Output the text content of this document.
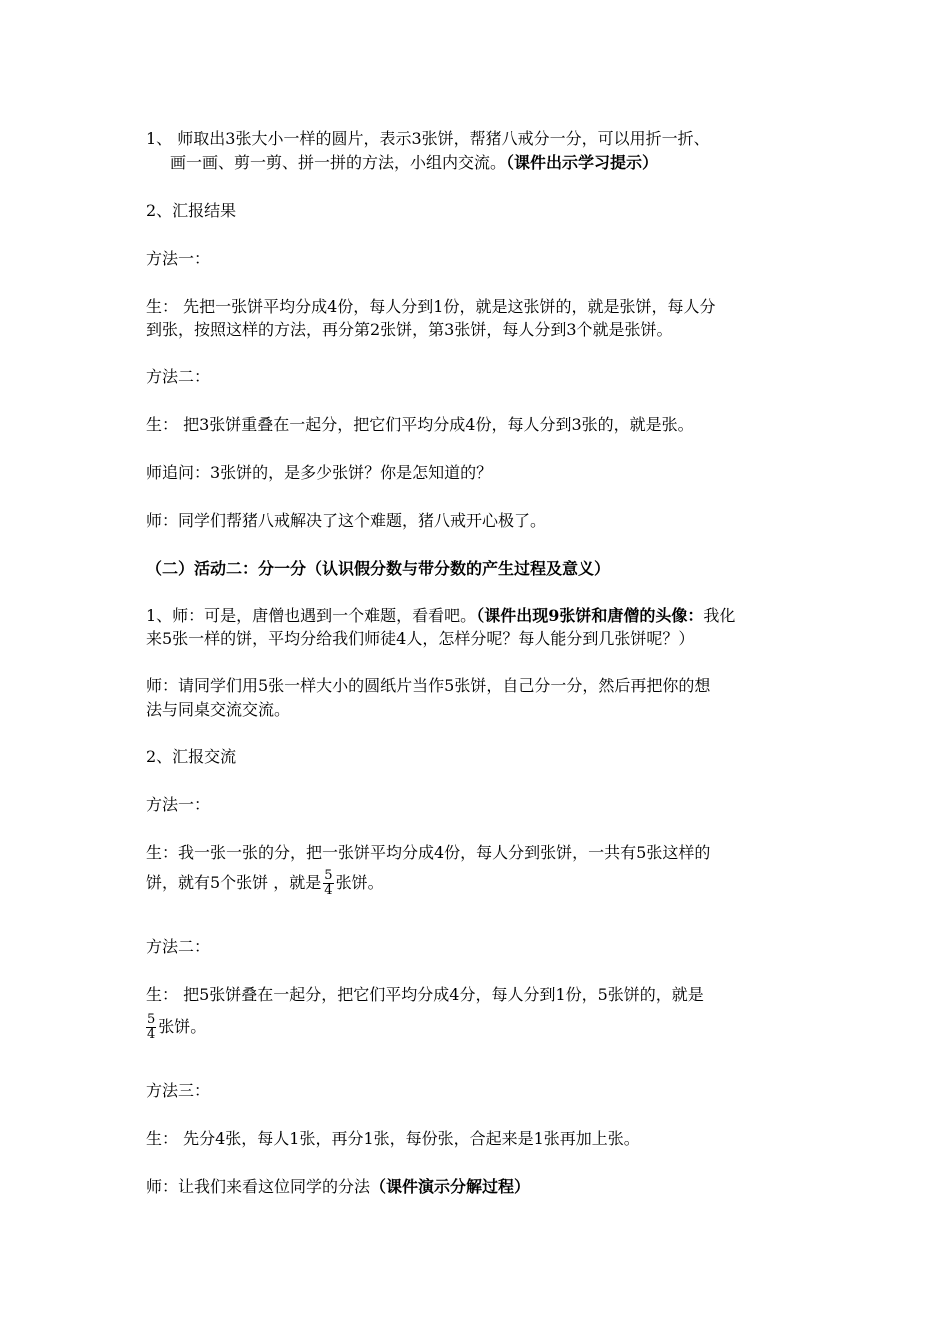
1、 师取出3张大小一样的圆片，表示3张饼，帮猪八戒分一分，可以用折一折、
画一画、剪一剪、拼一拼的方法，小组内交流。（课件出示学习提示）
2、汇报结果
方法一：
生： 先把一张饼平均分成4份，每人分到1份，就是这张饼的，就是张饼，每人分
到张，按照这样的方法，再分第2张饼，第3张饼，每人分到3个就是张饼。
方法二：
生： 把3张饼重叠在一起分，把它们平均分成4份，每人分到3张的，就是张。
师追问：3张饼的，是多少张饼？你是怎知道的？
师：同学们帮猪八戒解决了这个难题，猪八戒开心极了。
（二）活动二：分一分（认识假分数与带分数的产生过程及意义）
1、师：可是，唐僧也遇到一个难题，看看吧。（课件出现9张饼和唐僧的头像：我化
来5张一样的饼，平均分给我们师徒4人，怎样分呢？每人能分到几张饼呢？）
师：请同学们用5张一样大小的圆纸片当作5张饼，自己分一分，然后再把你的想
法与同桌交流交流。
2、汇报交流
方法一：
生：我一张一张的分，把一张饼平均分成4份，每人分到张饼，一共有5张这样的
饼，就有5个张饼 ，就是 $\frac{5}{4}$ 张饼。
方法二：
生： 把5张饼叠在一起分，把它们平均分成4分，每人分到1份，5张饼的，就是
$\frac{5}{4}$ 张饼。
方法三：
生： 先分4张，每人1张，再分1张，每份张，合起来是1张再加上张。
师：让我们来看这位同学的分法（课件演示分解过程）
